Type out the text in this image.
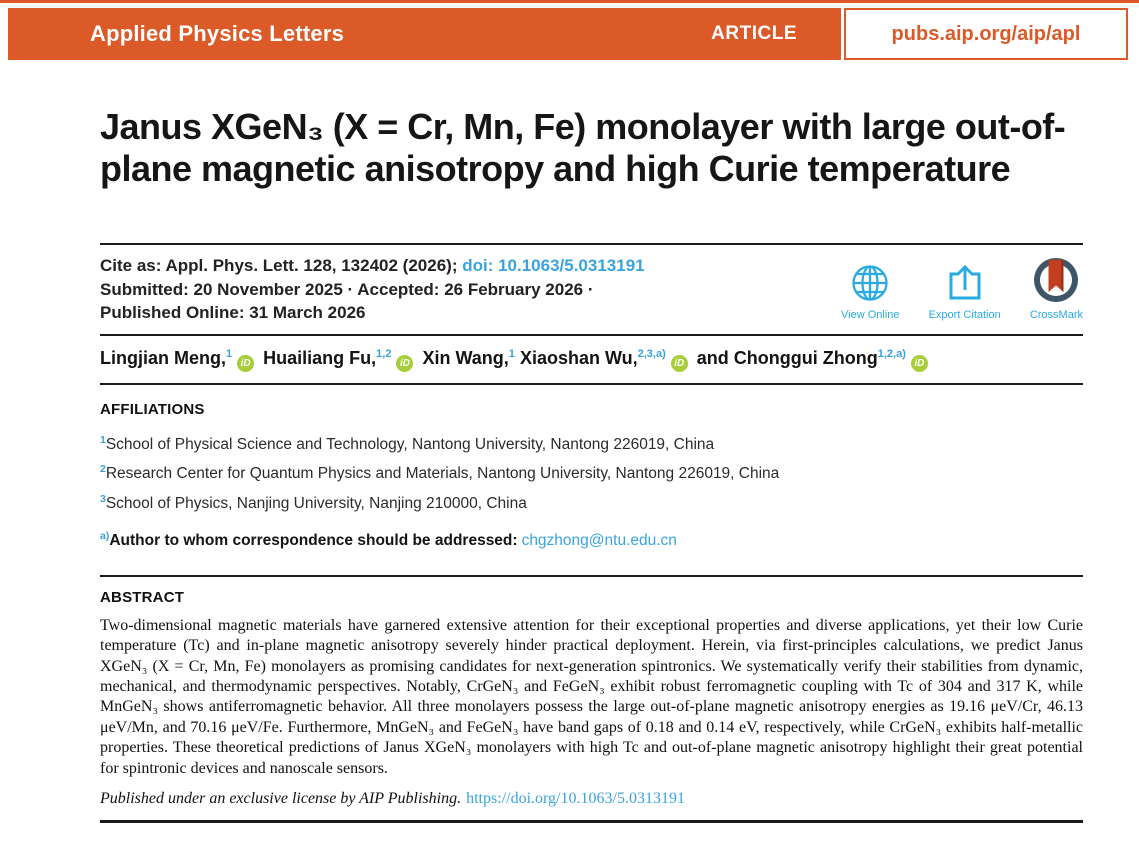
Applied Physics Letters	ARTICLE	pubs.aip.org/aip/apl
Janus XGeN₃ (X = Cr, Mn, Fe) monolayer with large out-of-plane magnetic anisotropy and high Curie temperature
Cite as: Appl. Phys. Lett. 128, 132402 (2026); doi: 10.1063/5.0313191
Submitted: 20 November 2025 · Accepted: 26 February 2026 ·
Published Online: 31 March 2026	View Online	Export Citation	CrossMark
Lingjian Meng,$^1$iD Huailiang Fu,$^{1,2}$iD Xin Wang,$^1$ Xiaoshan Wu,$^{2,3,a)}$iD and Chonggui Zhong$^{1,2,a)}$iD
AFFILIATIONS
$^1$School of Physical Science and Technology, Nantong University, Nantong 226019, China
$^2$Research Center for Quantum Physics and Materials, Nantong University, Nantong 226019, China
$^3$School of Physics, Nanjing University, Nanjing 210000, China
$^{a)}$Author to whom correspondence should be addressed: chgzhong@ntu.edu.cn
ABSTRACT

Two-dimensional magnetic materials have garnered extensive attention for their exceptional properties and diverse applications, yet their low Curie temperature (Tc) and in-plane magnetic anisotropy severely hinder practical deployment. Herein, via first-principles calculations, we predict Janus XGeN₃ (X = Cr, Mn, Fe) monolayers as promising candidates for next-generation spintronics. We systematically verify their stabilities from dynamic, mechanical, and thermodynamic perspectives. Notably, CrGeN₃ and FeGeN₃ exhibit robust ferromagnetic coupling with Tc of 304 and 317 K, while MnGeN₃ shows antiferromagnetic behavior. All three monolayers possess the large out-of-plane magnetic anisotropy energies as 19.16 μeV/Cr, 46.13 μeV/Mn, and 70.16 μeV/Fe. Furthermore, MnGeN₃ and FeGeN₃ have band gaps of 0.18 and 0.14 eV, respectively, while CrGeN₃ exhibits half-metallic properties. These theoretical predictions of Janus XGeN₃ monolayers with high Tc and out-of-plane magnetic anisotropy highlight their great potential for spintronic devices and nanoscale sensors.

Published under an exclusive license by AIP Publishing. https://doi.org/10.1063/5.0313191
